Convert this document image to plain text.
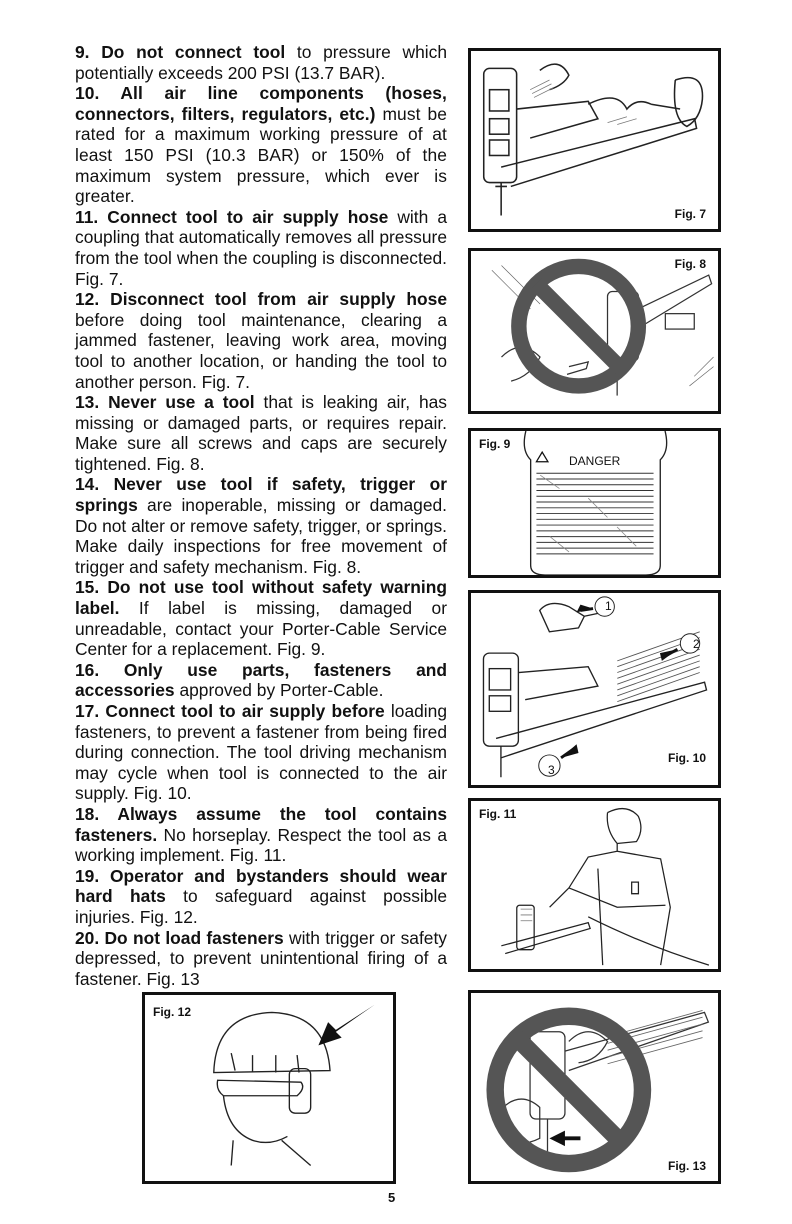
9. Do not connect tool to pressure which potentially exceeds 200 PSI (13.7 BAR).

10. All air line components (hoses, connectors, filters, regulators, etc.) must be rated for a maximum working pressure of at least 150 PSI (10.3 BAR) or 150% of the maximum system pressure, which ever is greater.

11. Connect tool to air supply hose with a coupling that automatically removes all pressure from the tool when the coupling is disconnected. Fig. 7.

12. Disconnect tool from air supply hose before doing tool maintenance, clearing a jammed fastener, leaving work area, moving tool to another location, or handing the tool to another person. Fig. 7.

13. Never use a tool that is leaking air, has missing or damaged parts, or requires repair. Make sure all screws and caps are securely tightened. Fig. 8.

14. Never use tool if safety, trigger or springs are inoperable, missing or damaged. Do not alter or remove safety, trigger, or springs. Make daily inspections for free movement of trigger and safety mechanism. Fig. 8.

15. Do not use tool without safety warning label. If label is missing, damaged or unreadable, contact your Porter-Cable Service Center for a replacement. Fig. 9.

16. Only use parts, fasteners and accessories approved by Porter-Cable.

17. Connect tool to air supply before loading fasteners, to prevent a fastener from being fired during connection. The tool driving mechanism may cycle when tool is connected to the air supply. Fig. 10.

18. Always assume the tool contains fasteners. No horseplay. Respect the tool as a working implement. Fig. 11.

19. Operator and bystanders should wear hard hats to safeguard against possible injuries. Fig. 12.

20. Do not load fasteners with trigger or safety depressed, to prevent unintentional firing of a fastener. Fig. 13

Fig. 7
Fig. 8
DANGER
Fig. 9
1
2
3
Fig. 10
Fig. 11
Fig. 12
Fig. 13
5
